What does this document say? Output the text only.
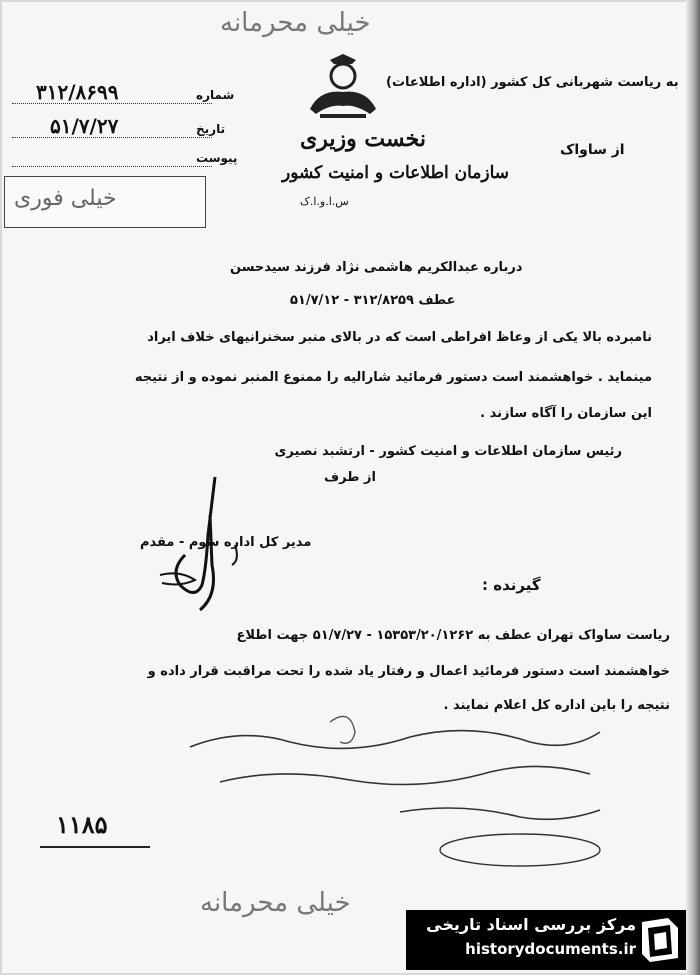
خیلی محرمانه
شماره
۳۱۲/۸۶۹۹
تاریخ
۵۱/۷/۲۷
پیوست
خیلی فوری
به ریاست شهربانی کل کشور (اداره اطلاعات)
از ساواک
نخست وزیری
سازمان اطلاعات و امنیت کشور
س.ا.و.ا.ک
درباره عبدالکریم هاشمی نژاد فرزند سیدحسن
عطف ۳۱۲/۸۲۵۹ - ۵۱/۷/۱۲
نامبرده بالا یکی از وعاظ افراطی است که در بالای منبر سخنرانیهای خلاف ایراد
مینماید . خواهشمند است دستور فرمائید شارالیه را ممنوع المنبر نموده و از نتیجه
این سازمان را آگاه سازند .
رئیس سازمان اطلاعات و امنیت کشور - ارتشبد نصیری
از طرف
مدیر کل اداره سوم - مقدم
گیرنده :
ریاست ساواک تهران عطف به ۱۵۳۵۳/۲۰/۱۲۶۲ - ۵۱/۷/۲۷ جهت اطلاع
خواهشمند است دستور فرمائید اعمال و رفتار یاد شده را تحت مراقبت قرار داده و
نتیجه را باین اداره کل اعلام نمایند .
۱۱۸۵
خیلی محرمانه
مرکز بررسی اسناد تاریخی
historydocuments.ir
